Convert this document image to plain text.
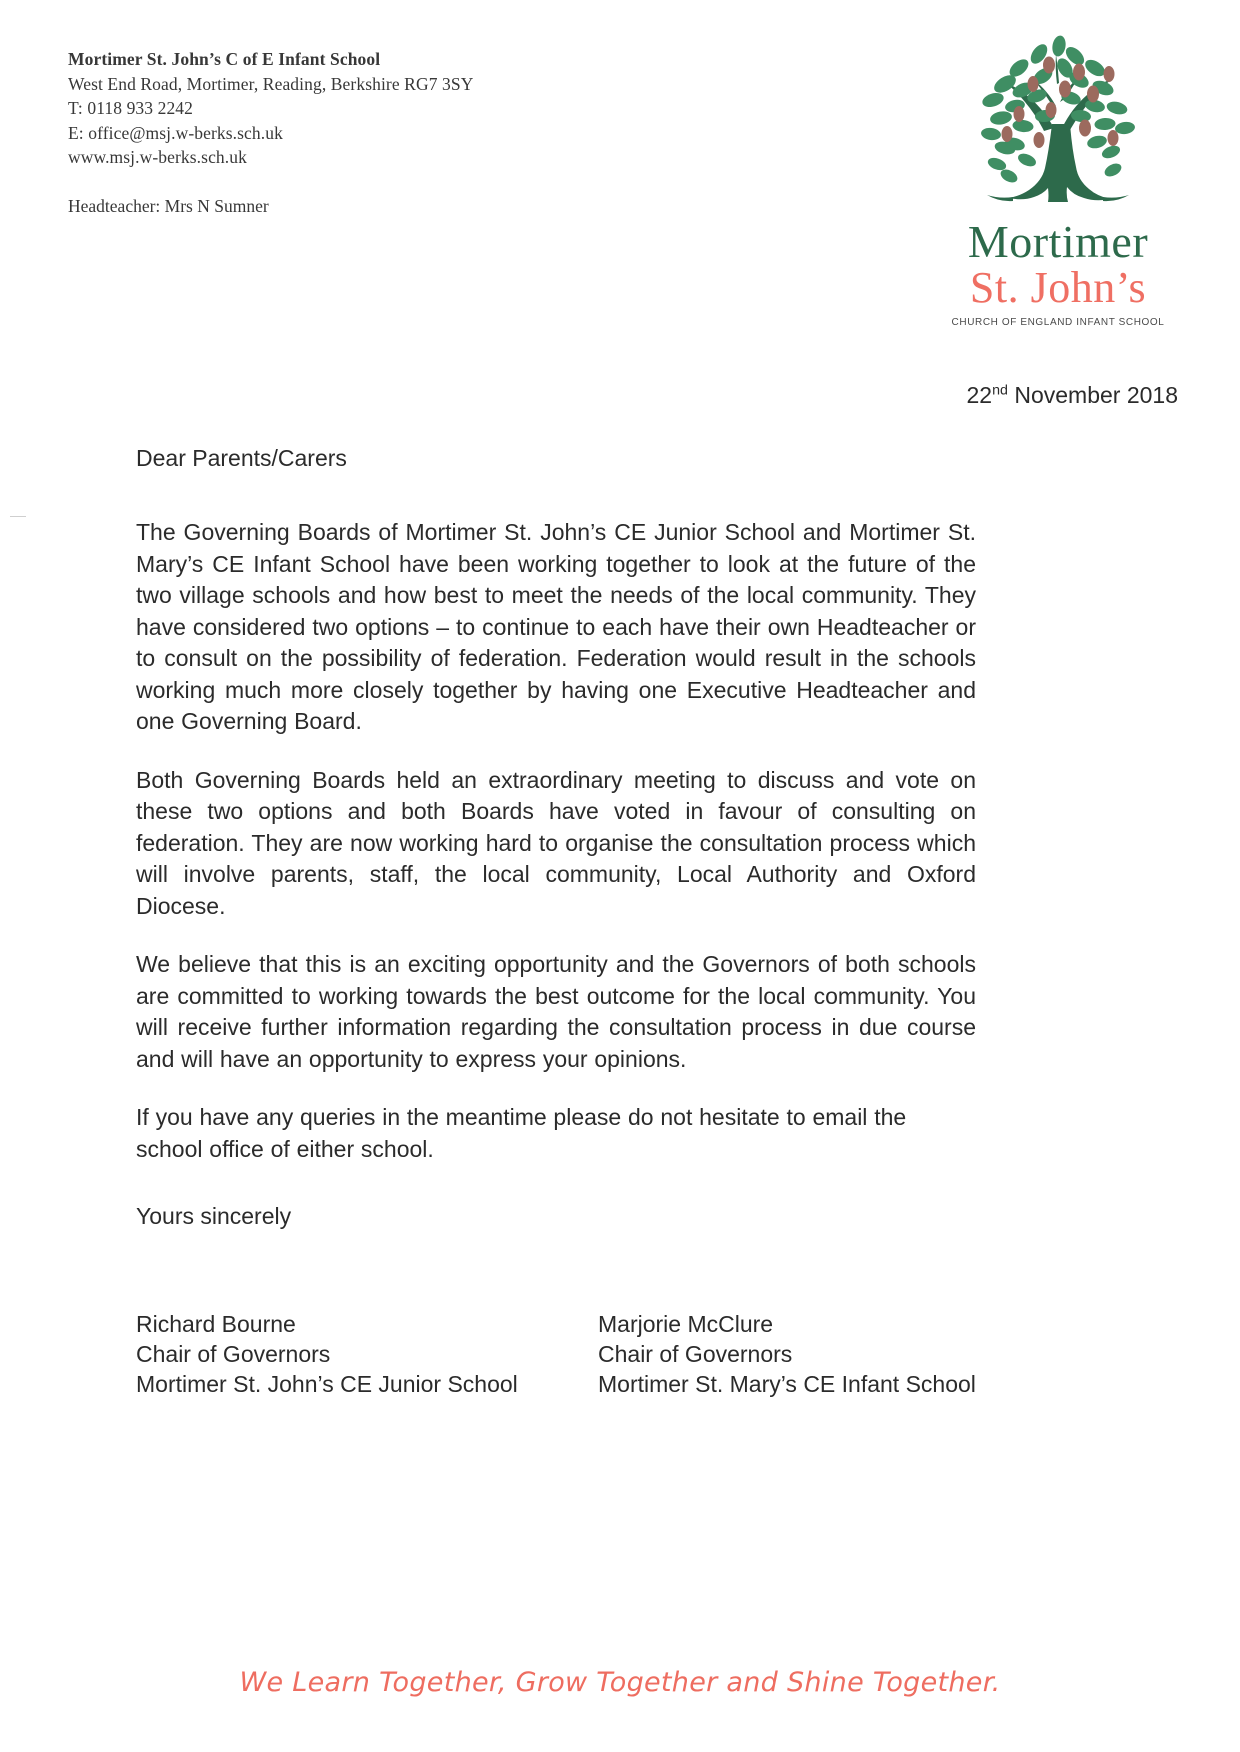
Mortimer St. John’s C of E Infant School
West End Road, Mortimer, Reading, Berkshire RG7 3SY
T: 0118 933 2242
E: office@msj.w-berks.sch.uk
www.msj.w-berks.sch.uk
Headteacher: Mrs N Sumner
Mortimer
St. John’s
CHURCH OF ENGLAND INFANT SCHOOL
22nd November 2018
Dear Parents/Carers

The Governing Boards of Mortimer St. John’s CE Junior School and Mortimer St. Mary’s CE Infant School have been working together to look at the future of the two village schools and how best to meet the needs of the local community. They have considered two options – to continue to each have their own Headteacher or to consult on the possibility of federation. Federation would result in the schools working much more closely together by having one Executive Headteacher and one Governing Board.

Both Governing Boards held an extraordinary meeting to discuss and vote on these two options and both Boards have voted in favour of consulting on federation. They are now working hard to organise the consultation process which will involve parents, staff, the local community, Local Authority and Oxford Diocese.

We believe that this is an exciting opportunity and the Governors of both schools are committed to working towards the best outcome for the local community. You will receive further information regarding the consultation process in due course and will have an opportunity to express your opinions.

If you have any queries in the meantime please do not hesitate to email the school office of either school.

Yours sincerely
Richard Bourne
Chair of Governors
Mortimer St. John’s CE Junior School
Marjorie McClure
Chair of Governors
Mortimer St. Mary’s CE Infant School
We Learn Together, Grow Together and Shine Together.
